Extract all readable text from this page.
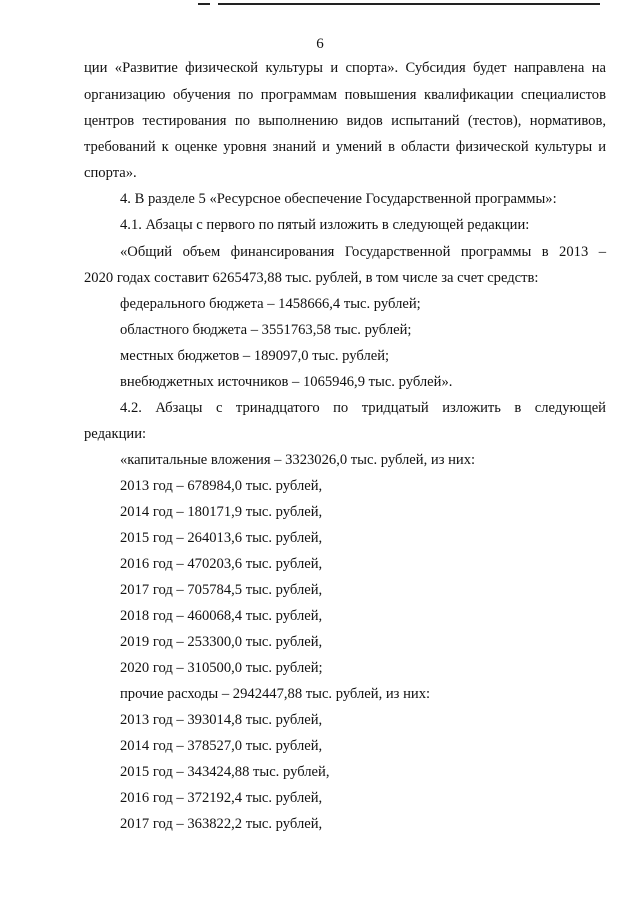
6
ции «Развитие физической культуры и спорта». Субсидия будет направлена на
организацию обучения по программам повышения квалификации специалистов
центров тестирования по выполнению видов испытаний (тестов), нормативов,
требований к оценке уровня знаний и умений в области физической культуры и
спорта».
4. В разделе 5 «Ресурсное обеспечение Государственной программы»:
4.1. Абзацы с первого по пятый изложить в следующей редакции:
«Общий объем финансирования Государственной программы в 2013 –
2020 годах составит 6265473,88 тыс. рублей, в том числе за счет средств:
федерального бюджета – 1458666,4 тыс. рублей;
областного бюджета – 3551763,58 тыс. рублей;
местных бюджетов – 189097,0 тыс. рублей;
внебюджетных источников – 1065946,9 тыс. рублей».
4.2. Абзацы с тринадцатого по тридцатый изложить в следующей
редакции:
«капитальные вложения – 3323026,0 тыс. рублей, из них:
2013 год – 678984,0 тыс. рублей,
2014 год – 180171,9 тыс. рублей,
2015 год – 264013,6 тыс. рублей,
2016 год – 470203,6 тыс. рублей,
2017 год – 705784,5 тыс. рублей,
2018 год – 460068,4 тыс. рублей,
2019 год – 253300,0 тыс. рублей,
2020 год – 310500,0 тыс. рублей;
прочие расходы – 2942447,88 тыс. рублей, из них:
2013 год – 393014,8 тыс. рублей,
2014 год – 378527,0 тыс. рублей,
2015 год – 343424,88 тыс. рублей,
2016 год – 372192,4 тыс. рублей,
2017 год – 363822,2 тыс. рублей,
